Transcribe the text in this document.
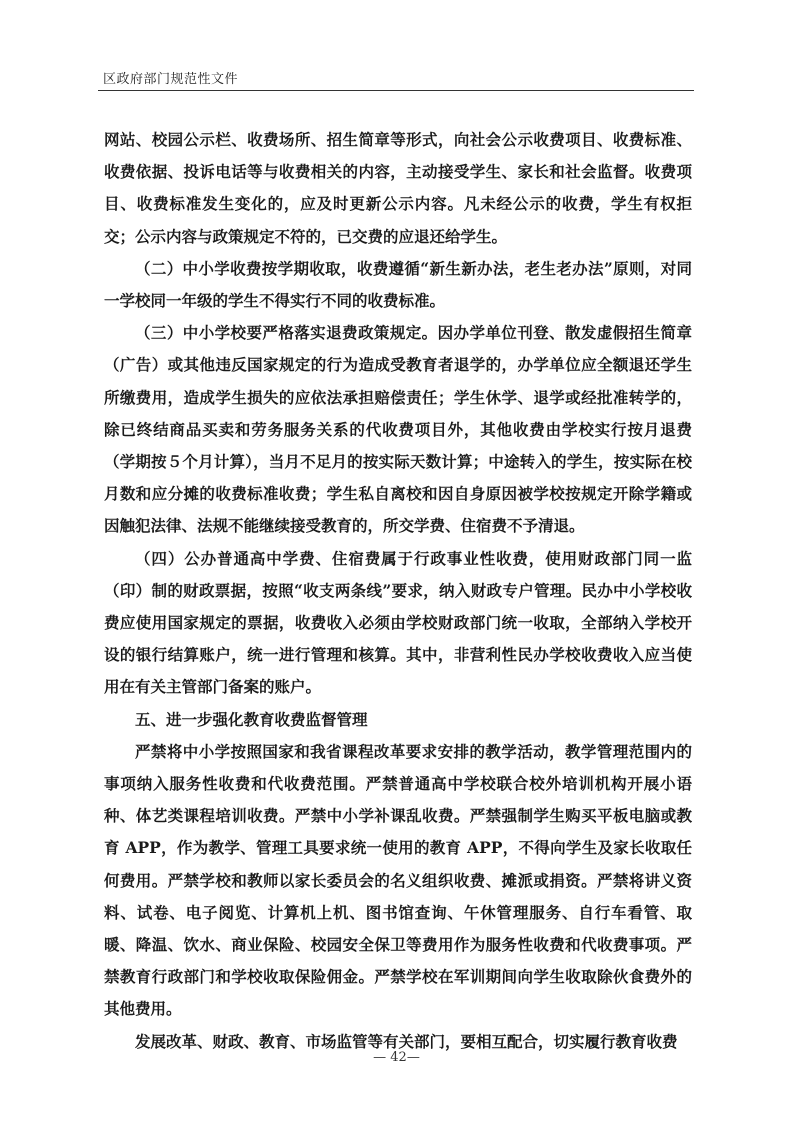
区政府部门规范性文件

网站、校园公示栏、收费场所、招生简章等形式，向社会公示收费项目、收费标准、收费依据、投诉电话等与收费相关的内容，主动接受学生、家长和社会监督。收费项目、收费标准发生变化的，应及时更新公示内容。凡未经公示的收费，学生有权拒交；公示内容与政策规定不符的，已交费的应退还给学生。

（二）中小学收费按学期收取，收费遵循“新生新办法，老生老办法”原则，对同一学校同一年级的学生不得实行不同的收费标准。

（三）中小学校要严格落实退费政策规定。因办学单位刊登、散发虚假招生简章（广告）或其他违反国家规定的行为造成受教育者退学的，办学单位应全额退还学生所缴费用，造成学生损失的应依法承担赔偿责任；学生休学、退学或经批准转学的，除已终结商品买卖和劳务服务关系的代收费项目外，其他收费由学校实行按月退费（学期按５个月计算），当月不足月的按实际天数计算；中途转入的学生，按实际在校月数和应分摊的收费标准收费；学生私自离校和因自身原因被学校按规定开除学籍或因触犯法律、法规不能继续接受教育的，所交学费、住宿费不予清退。

（四）公办普通高中学费、住宿费属于行政事业性收费，使用财政部门同一监（印）制的财政票据，按照“收支两条线”要求，纳入财政专户管理。民办中小学校收费应使用国家规定的票据，收费收入必须由学校财政部门统一收取，全部纳入学校开设的银行结算账户，统一进行管理和核算。其中，非营利性民办学校收费收入应当使用在有关主管部门备案的账户。

五、进一步强化教育收费监督管理

严禁将中小学按照国家和我省课程改革要求安排的教学活动，教学管理范围内的事项纳入服务性收费和代收费范围。严禁普通高中学校联合校外培训机构开展小语种、体艺类课程培训收费。严禁中小学补课乱收费。严禁强制学生购买平板电脑或教育 APP，作为教学、管理工具要求统一使用的教育 APP，不得向学生及家长收取任何费用。严禁学校和教师以家长委员会的名义组织收费、摊派或捐资。严禁将讲义资料、试卷、电子阅览、计算机上机、图书馆查询、午休管理服务、自行车看管、取暖、降温、饮水、商业保险、校园安全保卫等费用作为服务性收费和代收费事项。严禁教育行政部门和学校收取保险佣金。严禁学校在军训期间向学生收取除伙食费外的其他费用。

发展改革、财政、教育、市场监管等有关部门，要相互配合，切实履行教育收费

— 42—
